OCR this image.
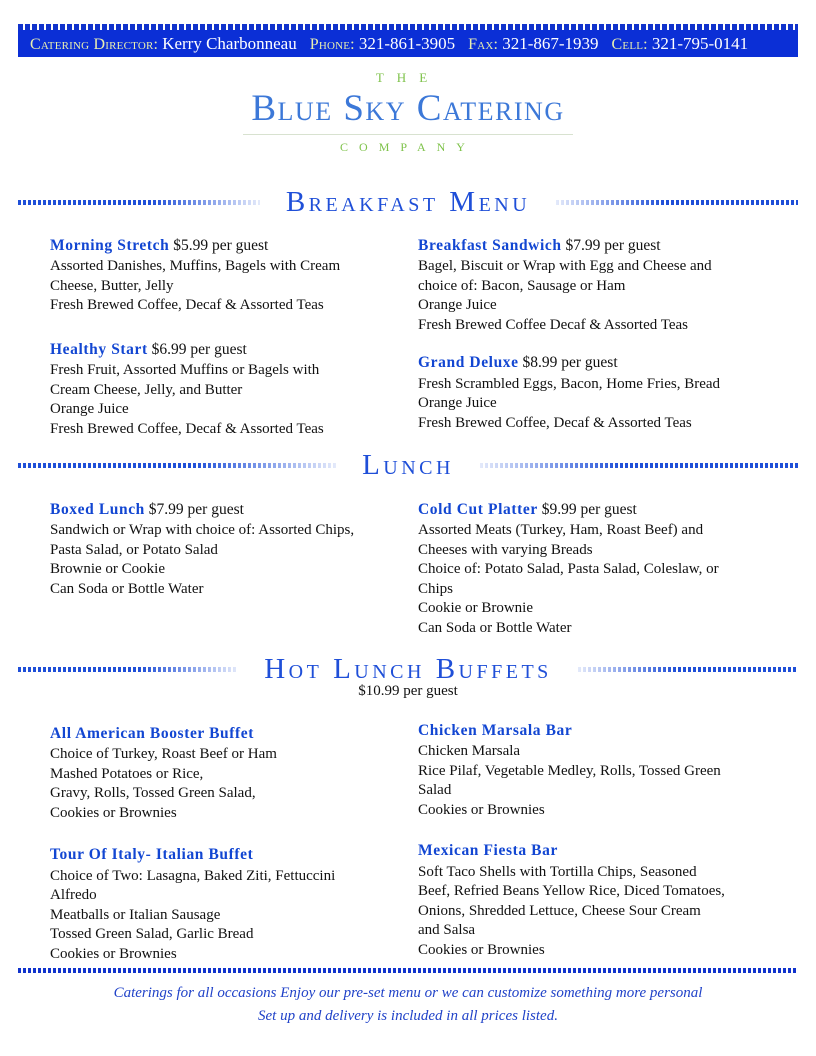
Catering Director: Kerry Charbonneau Phone: 321-861-3905 Fax: 321-867-1939 Cell: 321-795-0141
THE
Blue Sky Catering
COMPANY
Breakfast Menu
Morning Stretch $5.99 per guest
Assorted Danishes, Muffins, Bagels with Cream
Cheese, Butter, Jelly
Fresh Brewed Coffee, Decaf & Assorted Teas
Healthy Start $6.99 per guest
Fresh Fruit, Assorted Muffins or Bagels with
Cream Cheese, Jelly, and Butter
Orange Juice
Fresh Brewed Coffee, Decaf & Assorted Teas
Breakfast Sandwich $7.99 per guest
Bagel, Biscuit or Wrap with Egg and Cheese and
choice of: Bacon, Sausage or Ham
Orange Juice
Fresh Brewed Coffee Decaf & Assorted Teas
Grand Deluxe $8.99 per guest
Fresh Scrambled Eggs, Bacon, Home Fries, Bread
Orange Juice
Fresh Brewed Coffee, Decaf & Assorted Teas
Lunch
Boxed Lunch $7.99 per guest
Sandwich or Wrap with choice of: Assorted Chips,
Pasta Salad, or Potato Salad
Brownie or Cookie
Can Soda or Bottle Water
Cold Cut Platter $9.99 per guest
Assorted Meats (Turkey, Ham, Roast Beef) and
Cheeses with varying Breads
Choice of: Potato Salad, Pasta Salad, Coleslaw, or
Chips
Cookie or Brownie
Can Soda or Bottle Water
Hot Lunch Buffets
$10.99 per guest
All American Booster Buffet
Choice of Turkey, Roast Beef or Ham
Mashed Potatoes or Rice,
Gravy, Rolls, Tossed Green Salad,
Cookies or Brownies
Tour Of Italy- Italian Buffet
Choice of Two: Lasagna, Baked Ziti, Fettuccini
Alfredo
Meatballs or Italian Sausage
Tossed Green Salad, Garlic Bread
Cookies or Brownies
Chicken Marsala Bar
Chicken Marsala
Rice Pilaf, Vegetable Medley, Rolls, Tossed Green
Salad
Cookies or Brownies
Mexican Fiesta Bar
Soft Taco Shells with Tortilla Chips, Seasoned
Beef, Refried Beans Yellow Rice, Diced Tomatoes,
Onions, Shredded Lettuce, Cheese Sour Cream
and Salsa
Cookies or Brownies
Caterings for all occasions Enjoy our pre-set menu or we can customize something more personal
Set up and delivery is included in all prices listed.
